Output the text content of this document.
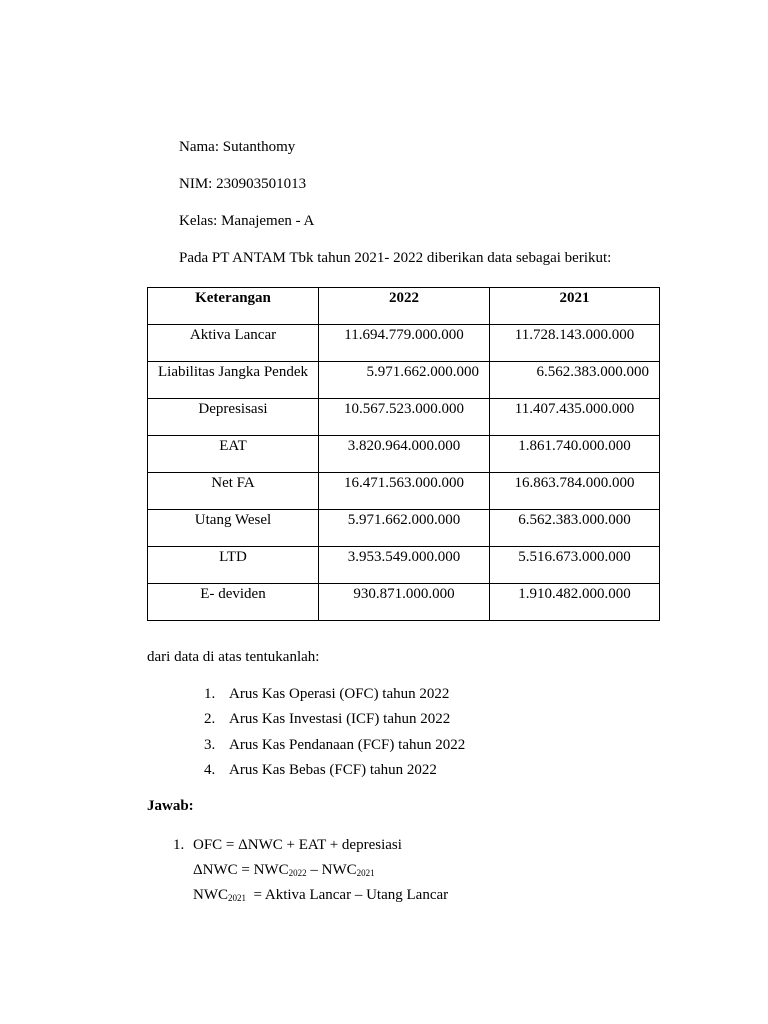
Nama: Sutanthomy
NIM: 230903501013
Kelas: Manajemen - A
Pada PT ANTAM Tbk tahun 2021- 2022 diberikan data sebagai berikut:
Keterangan	2022	2021

Aktiva Lancar	11.694.779.000.000	11.728.143.000.000

Liabilitas Jangka Pendek	5.971.662.000.000	6.562.383.000.000

Depresisasi	10.567.523.000.000	11.407.435.000.000

EAT	3.820.964.000.000	1.861.740.000.000

Net FA	16.471.563.000.000	16.863.784.000.000

Utang Wesel	5.971.662.000.000	6.562.383.000.000

LTD	3.953.549.000.000	5.516.673.000.000

E- deviden	930.871.000.000	1.910.482.000.000
dari data di atas tentukanlah:
1. Arus Kas Operasi (OFC) tahun 2022
2. Arus Kas Investasi (ICF) tahun 2022
3. Arus Kas Pendanaan (FCF) tahun 2022
4. Arus Kas Bebas (FCF) tahun 2022
Jawab:
1. OFC = ΔNWC + EAT + depresiasi
$\Delta NWC = NWC_{2022} - NWC_{2021}$
$NWC_{2021}$  = Aktiva Lancar – Utang Lancar
